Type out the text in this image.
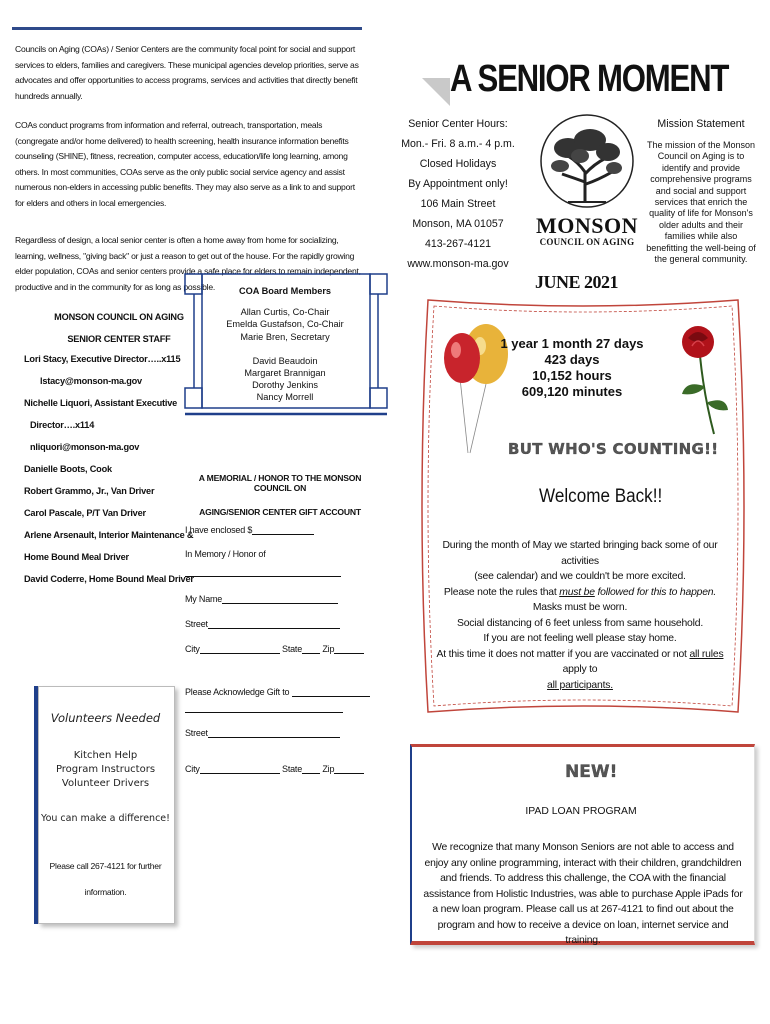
Councils on Aging (COAs) / Senior Centers are the community focal point for social and support services to elders, families and caregivers. These municipal agencies develop priorities, serve as advocates and offer opportunities to access programs, services and activities that directly benefit hundreds annually.

COAs conduct programs from information and referral, outreach, transportation, meals (congregate and/or home delivered) to health screening, health insurance information benefits counseling (SHINE), fitness, recreation, computer access, education/life long learning, among others. In most communities, COAs serve as the only public social service agency and assist numerous non-elders in accessing public benefits. They may also serve as a link to and support for elders and others in local emergencies.

Regardless of design, a local senior center is often a home away from home for socializing, learning, wellness, "giving back" or just a reason to get out of the house. For the rapidly growing elder population, COAs and senior centers provide a safe place for elders to remain independent, productive and in the community for as long as possible.

A SENIOR MOMENT
Senior Center Hours:
Mon.- Fri. 8 a.m.- 4 p.m.
Closed Holidays
By Appointment only!
106 Main Street
Monson, MA 01057
413-267-4121
www.monson-ma.gov
MONSON
COUNCIL ON AGING
Mission Statement
The mission of the Monson Council on Aging is to identify and provide comprehensive programs and social and support services that enrich the quality of life for Monson's older adults and their families while also benefitting the well-being of the general community.
JUNE 2021
MONSON COUNCIL ON AGING
SENIOR CENTER STAFF
Lori Stacy, Executive Director…..x115
lstacy@monson-ma.gov
Nichelle Liquori, Assistant Executive
Director….x114
nliquori@monson-ma.gov
Danielle Boots, Cook
Robert Grammo, Jr., Van Driver
Carol Pascale, P/T Van Driver
Arlene Arsenault, Interior Maintenance &
Home Bound Meal Driver
David Coderre, Home Bound Meal Driver
COA Board Members
Allan Curtis, Co-Chair
Emelda Gustafson, Co-Chair
Marie Bren, Secretary
David Beaudoin
Margaret Brannigan
Dorothy Jenkins
Nancy Morrell
A MEMORIAL / HONOR TO THE MONSON COUNCIL ON
AGING/SENIOR CENTER GIFT ACCOUNT
I have enclosed $
In Memory / Honor of
My Name
Street
City	State Zip
Please Acknowledge Gift to
Street
City	State Zip
Volunteers Needed
Kitchen Help
Program Instructors
Volunteer Drivers
You can make a difference!
Please call 267-4121 for further
information.
1 year 1 month 27 days
423 days
10,152 hours
609,120 minutes
BUT WHO'S COUNTING!!
Welcome Back!!
During the month of May we started bringing back some of our activities
(see calendar) and we couldn't be more excited.
Please note the rules that must be followed for this to happen.
Masks must be worn.
Social distancing of 6 feet unless from same household.
If you are not feeling well please stay home.
At this time it does not matter if you are vaccinated or not all rules apply to
all participants.
NEW!
IPAD LOAN PROGRAM
We recognize that many Monson Seniors are not able to access and enjoy any online programming, interact with their children, grandchildren and friends. To address this challenge, the COA with the financial assistance from Holistic Industries, was able to purchase Apple iPads for a new loan program. Please call us at 267-4121 to find out about the program and how to receive a device on loan, internet service and training.
